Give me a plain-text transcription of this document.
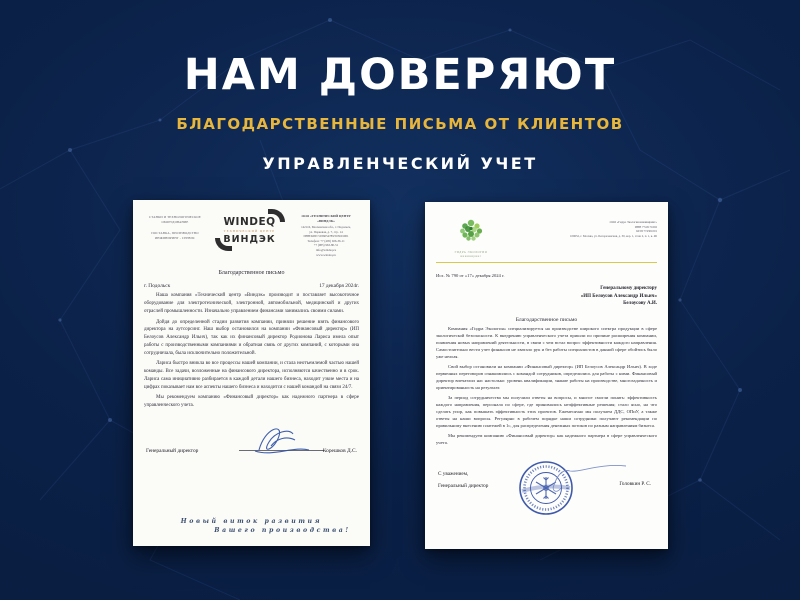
НАМ ДОВЕРЯЮТ
БЛАГОДАРСТВЕННЫЕ ПИСЬМА ОТ КЛИЕНТОВ
УПРАВЛЕНЧЕСКИЙ УЧЕТ
СТАНКИ И ТЕХНОЛОГИЧЕСКОЕ ОБОРУДОВАНИЕ
ПОСТАВКА, ПРОИЗВОДСТВО ИНЖИНИРИНГ - СЕРВИС
WINDEQ
ТЕХНИЧЕСКИЙ ЦЕНТР
ВИНДЭК
ООО «ТЕХНИЧЕСКИЙ ЦЕНТР «ВИНДЭК»
142116, Московская обл., г. Подольск,
ул. Парковая, д. 7, стр. 14
ИНН/КПП 5036054789/503601001
Телефон: +7 (495) 926-36-11
+7 (985) 963-80-51
info@windeq.ru
www.windeq.ru
Благодарственное письмо
г. Подольск	17 декабря 2024г.

Наша компания «Технический центр «Виндэк» производит и поставляет высокоточное оборудование для электротехнической, электронной, автомобильной, медицинской и других отраслей промышленности. Изначально управлением финансами занимались своими силами.

Дойдя до определенной стадии развития компании, приняли решение взять финансового директора на аутсорсинг. Наш выбор остановился на компании «Финансовый директор» (ИП Белоусов Александр Ильич), так как их финансовый директор Родионова Лариса имела опыт работы с производственными компаниями и обратная связь от других компаний, с которыми она сотрудничала, была исключительно положительной.

Лариса быстро вникла во все процессы нашей компании, и стала неотъемлемой частью нашей команды. Все задачи, возложенные на финансового директора, исполняются качественно и в срок. Лариса сама инициативно разбирается в каждой детали нашего бизнеса, находит узкие места и на цифрах показывает нам все аспекты нашего бизнеса и находится с нашей командой на связи 24/7.

Мы рекомендуем компанию «Финансовый директор» как надежного партнера в сфере управленческого учета.

Генеральный директор	Корешков Д.С.
Новый виток развития
Вашего производства!
ГИДРА ЭКОЛОГИЯ
инжиниринг
ООО «Гидра Экология инжиниринг»
ИНН 7743171602
КПП 774301001
109652, г. Москва, ул. Белореченская, д. 30, кор. 1, этаж 2, п. 1, к. 4Б
Исх. № 790 от «17» декабря 2024 г.
Генеральному директору
«ИП Белоусов Александр Ильич»
Белоусову А.И.
Благодарственное письмо

Компания «Гидра Экология» специализируется на производстве широкого спектра продукции в сфере экологической безопасности. К внедрению управленческого учета пришли по причине расширения компании, появления новых направлений деятельности, в связи с чем встал вопрос эффективности каждого направления. Самостоятельно вести учет финансов не хватало рук и без работы специалистов в данной сфере обойтись было уже нельзя.

Свой выбор остановили на компании «Финансовый директор» (ИП Белоусов Александр Ильич). В ходе первичных переговоров ознакомились с командой сотрудников, определились для работы с ними. Финансовый директор впечатлил нас настолько: уровень квалификации, знание работы на производстве, многозадачность и ориентированность на результат.

За период сотрудничества мы получили ответы на вопросы, и многое смогли понять: эффективность каждого направления, персонала по сфере, где принимались неэффективные решения; стало ясно, на что сделать упор, как повышать эффективность этих проектов. Ежемесячно мы получаем ДДС, ОПиУ, а также ответы на наши вопросы. Регулярно в рабочем порядке наши сотрудники получают рекомендации по правильному внесению платежей в 1с, для распределения денежных потоков по разным направлениям бизнеса.

Мы рекомендуем компанию «Финансовый директор» как надежного партнера в сфере управленческого учета.

С уважением,
Генеральный директор	Головкин Р. С.
